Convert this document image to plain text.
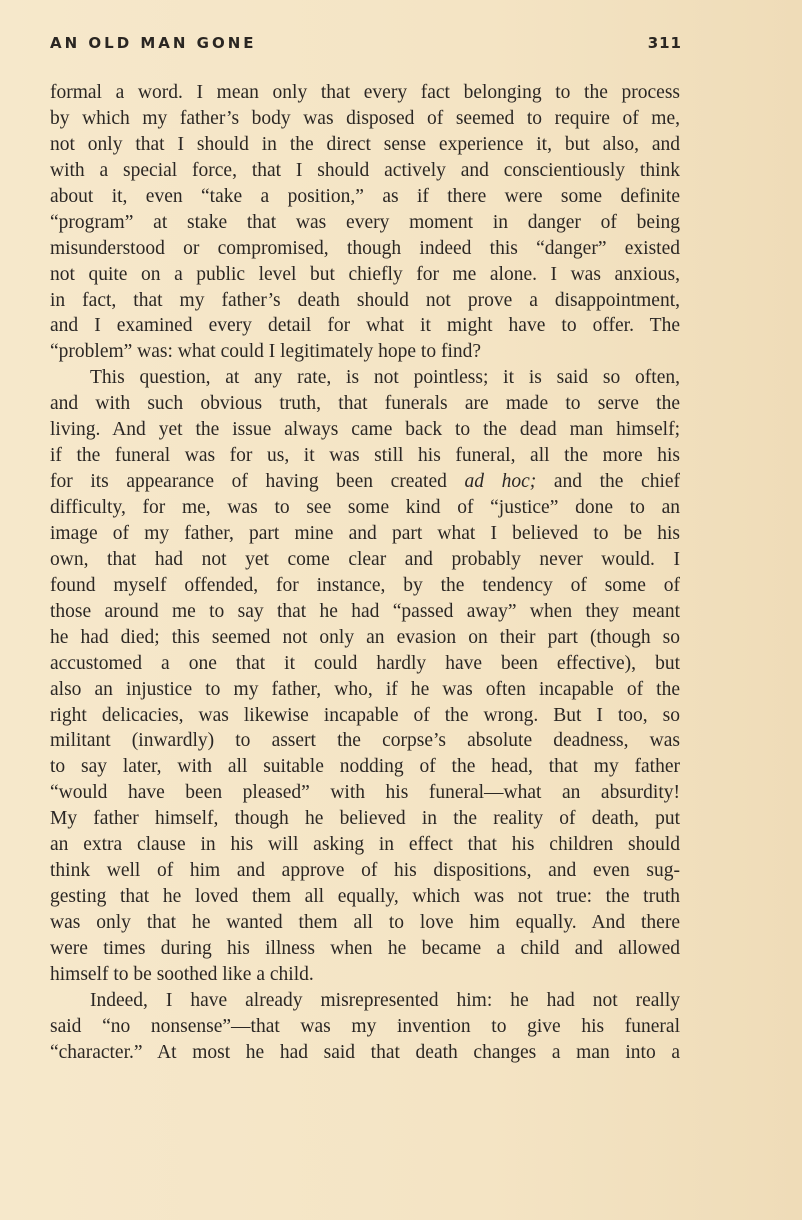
AN OLD MAN GONE	311
formal a word. I mean only that every fact belonging to the process
by which my father’s body was disposed of seemed to require of me,
not only that I should in the direct sense experience it, but also, and
with a special force, that I should actively and conscientiously think
about it, even “take a position,” as if there were some definite
“program” at stake that was every moment in danger of being
misunderstood or compromised, though indeed this “danger” existed
not quite on a public level but chiefly for me alone. I was anxious,
in fact, that my father’s death should not prove a disappointment,
and I examined every detail for what it might have to offer. The
“problem” was: what could I legitimately hope to find?
This question, at any rate, is not pointless; it is said so often,
and with such obvious truth, that funerals are made to serve the
living. And yet the issue always came back to the dead man himself;
if the funeral was for us, it was still his funeral, all the more his
for its appearance of having been created ad hoc; and the chief
difficulty, for me, was to see some kind of “justice” done to an
image of my father, part mine and part what I believed to be his
own, that had not yet come clear and probably never would. I
found myself offended, for instance, by the tendency of some of
those around me to say that he had “passed away” when they meant
he had died; this seemed not only an evasion on their part (though so
accustomed a one that it could hardly have been effective), but
also an injustice to my father, who, if he was often incapable of the
right delicacies, was likewise incapable of the wrong. But I too, so
militant (inwardly) to assert the corpse’s absolute deadness, was
to say later, with all suitable nodding of the head, that my father
“would have been pleased” with his funeral—what an absurdity!
My father himself, though he believed in the reality of death, put
an extra clause in his will asking in effect that his children should
think well of him and approve of his dispositions, and even sug-
gesting that he loved them all equally, which was not true: the truth
was only that he wanted them all to love him equally. And there
were times during his illness when he became a child and allowed
himself to be soothed like a child.
Indeed, I have already misrepresented him: he had not really
said “no nonsense”—that was my invention to give his funeral
“character.” At most he had said that death changes a man into a
